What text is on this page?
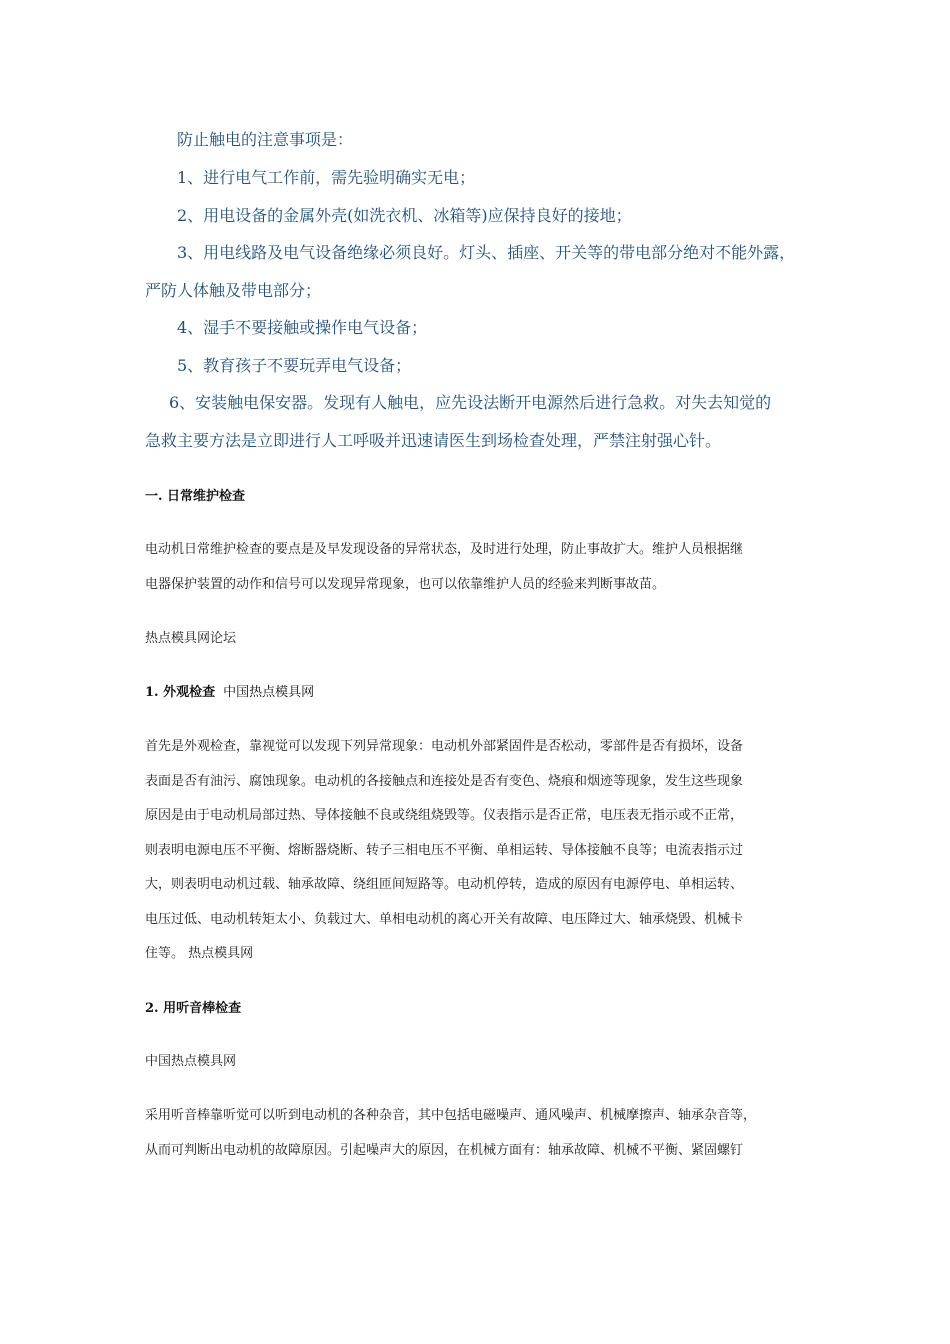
防止触电的注意事项是：
1、进行电气工作前，需先验明确实无电；
2、用电设备的金属外壳(如洗衣机、冰箱等)应保持良好的接地；
3、用电线路及电气设备绝缘必须良好。灯头、插座、开关等的带电部分绝对不能外露，
严防人体触及带电部分；
4、湿手不要接触或操作电气设备；
5、教育孩子不要玩弄电气设备；
6、安装触电保安器。发现有人触电，应先设法断开电源然后进行急救。对失去知觉的
急救主要方法是立即进行人工呼吸并迅速请医生到场检查处理，严禁注射强心针。
一. 日常维护检查
电动机日常维护检查的要点是及早发现设备的异常状态，及时进行处理，防止事故扩大。维护人员根据继
电器保护装置的动作和信号可以发现异常现象，也可以依靠维护人员的经验来判断事故苗。
热点模具网论坛
1. 外观检查 中国热点模具网
首先是外观检查，靠视觉可以发现下列异常现象：电动机外部紧固件是否松动，零部件是否有损坏，设备
表面是否有油污、腐蚀现象。电动机的各接触点和连接处是否有变色、烧痕和烟迹等现象，发生这些现象
原因是由于电动机局部过热、导体接触不良或绕组烧毁等。仪表指示是否正常，电压表无指示或不正常，
则表明电源电压不平衡、熔断器烧断、转子三相电压不平衡、单相运转、导体接触不良等；电流表指示过
大，则表明电动机过载、轴承故障、绕组匝间短路等。电动机停转，造成的原因有电源停电、单相运转、
电压过低、电动机转矩太小、负载过大、单相电动机的离心开关有故障、电压降过大、轴承烧毁、机械卡
住等。 热点模具网
2. 用听音棒检查
中国热点模具网
采用听音棒靠听觉可以听到电动机的各种杂音，其中包括电磁噪声、通风噪声、机械摩擦声、轴承杂音等，
从而可判断出电动机的故障原因。引起噪声大的原因，在机械方面有：轴承故障、机械不平衡、紧固螺钉
